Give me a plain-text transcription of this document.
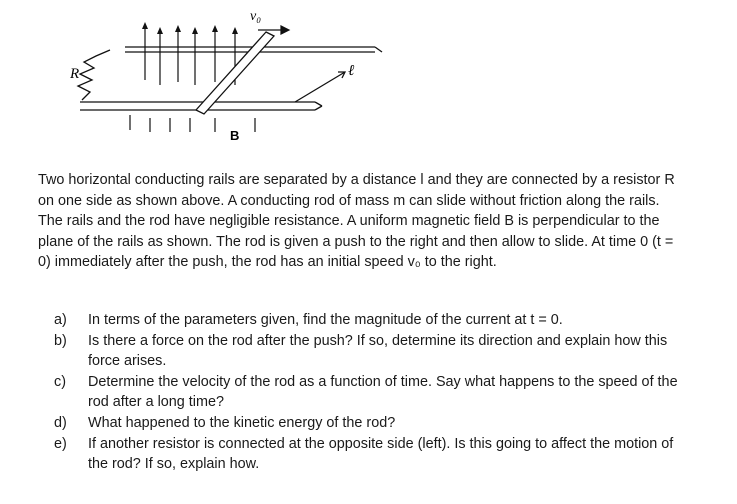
v₀
R
B
ℓ

Two horizontal conducting rails are separated by a distance l and they are connected by a resistor R on one side as shown above. A conducting rod of mass m can slide without friction along the rails. The rails and the rod have negligible resistance. A uniform magnetic field B is perpendicular to the plane of the rails as shown. The rod is given a push to the right and then allow to slide. At time 0 (t = 0) immediately after the push, the rod has an initial speed v₀ to the right.

a)	In terms of the parameters given, find the magnitude of the current at t = 0.
b)	Is there a force on the rod after the push? If so, determine its direction and explain how this force arises.
c)	Determine the velocity of the rod as a function of time. Say what happens to the speed of the rod after a long time?
d)	What happened to the kinetic energy of the rod?
e)	If another resistor is connected at the opposite side (left). Is this going to affect the motion of the rod? If so, explain how.
